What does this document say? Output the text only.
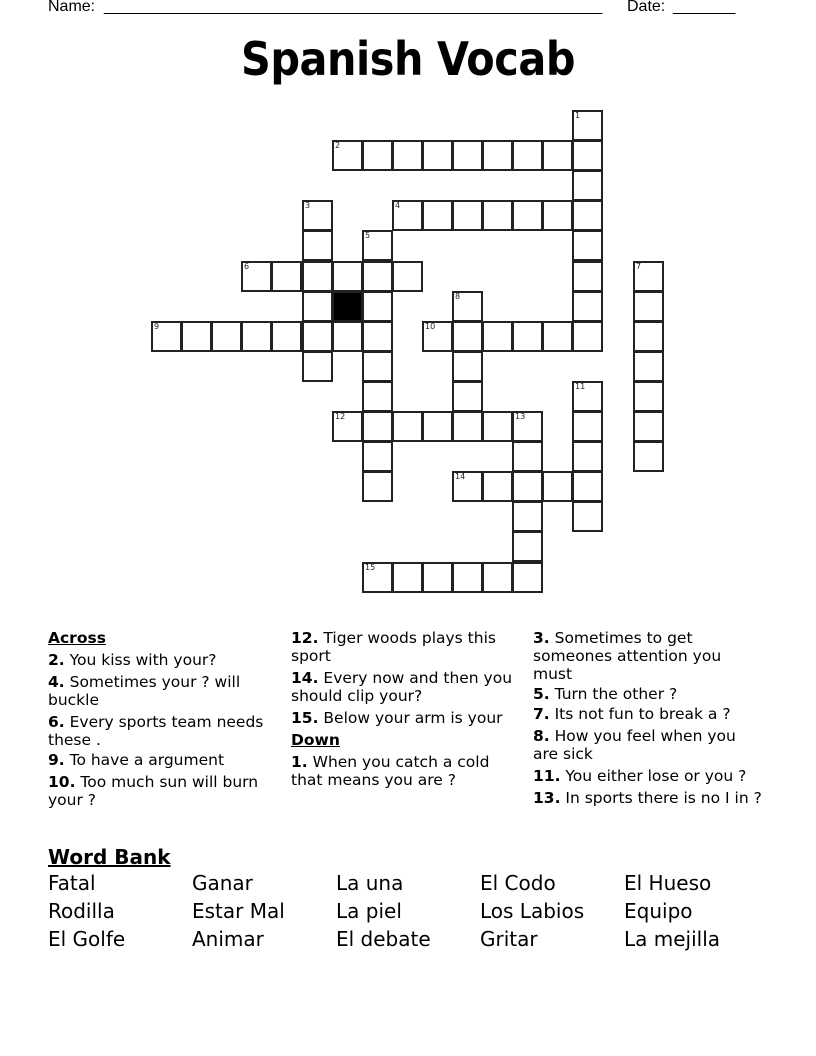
Name: ________________________________________________________ Date: _______
Spanish Vocab
1
2
3	4
5
6	7
8
9	10
11
12	13
14
15
Across
2. You kiss with your?
4. Sometimes your ? will buckle
6. Every sports team needs these .
9. To have a argument
10. Too much sun will burn your ?
12. Tiger woods plays this sport
14. Every now and then you should clip your?
15. Below your arm is your
Down
1. When you catch a cold that means you are ?
3. Sometimes to get someones attention you must
5. Turn the other ?
7. Its not fun to break a ?
8. How you feel when you are sick
11. You either lose or you ?
13. In sports there is no I in ?
Word Bank
Fatal	Ganar	La una	El Codo	El Hueso
Rodilla	Estar Mal	La piel	Los Labios	Equipo
El Golfe	Animar	El debate	Gritar	La mejilla
